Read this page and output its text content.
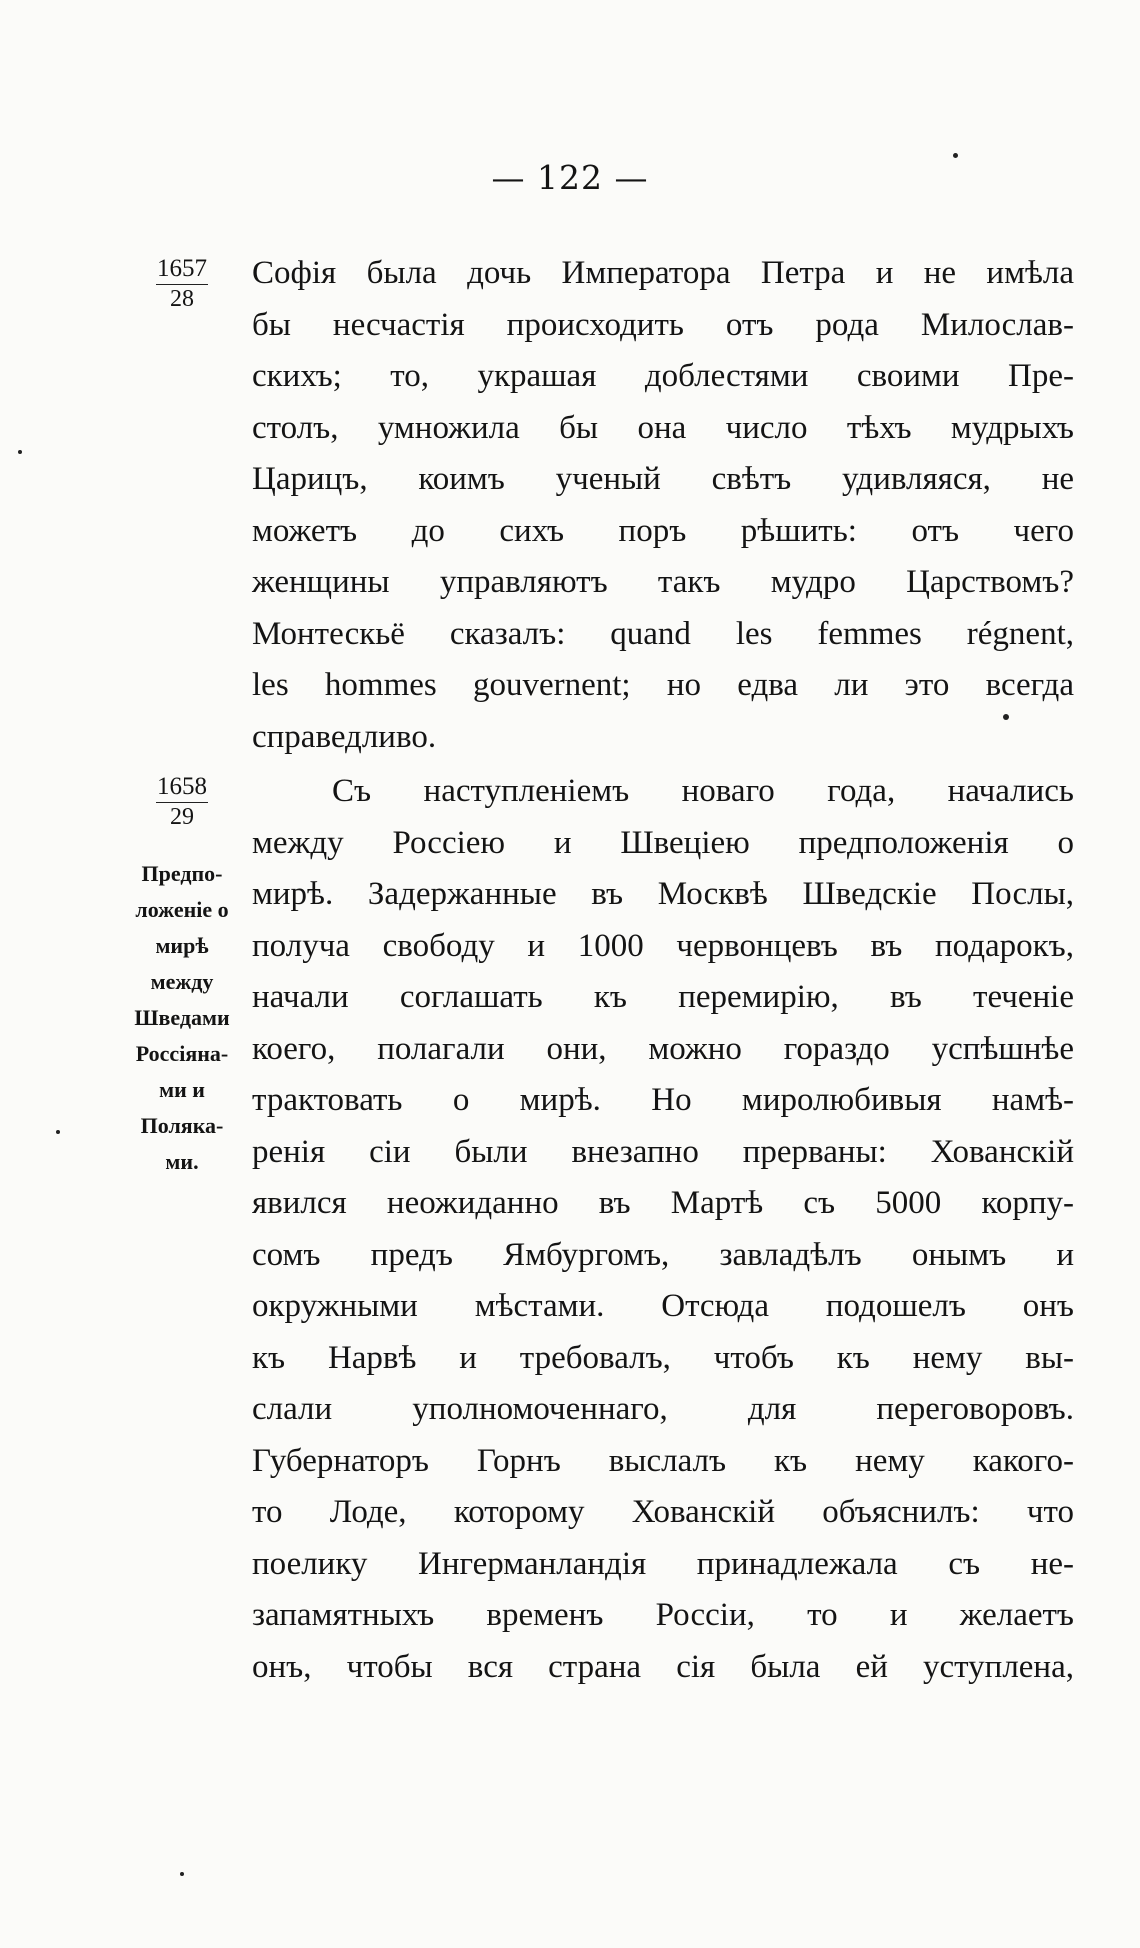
— 122 —
1657
28
1658
29
Предпо-
ложеніе о
мирѣ
между
Шведами
Россіяна-
ми и
Поляка-
ми.
Софія была дочь Императора Петра и не имѣла
бы несчастія происходить отъ рода Милослав-
скихъ; то, украшая доблестями своими Пре-
столъ, умножила бы она число тѣхъ мудрыхъ
Царицъ, коимъ ученый свѣтъ удивляяся, не
можетъ до сихъ поръ рѣшить: отъ чего
женщины управляютъ такъ мудро Царствомъ?
Монтескьё сказалъ: quand les femmes régnent,
les hommes gouvernent; но едва ли это всегда
справедливо.
Съ наступленіемъ новаго года, начались
между Россіею и Швеціею предположенія о
мирѣ. Задержанные въ Москвѣ Шведскіе Послы,
получа свободу и 1000 червонцевъ въ подарокъ,
начали соглашать къ перемирію, въ теченіе
коего, полагали они, можно гораздо успѣшнѣе
трактовать о мирѣ. Но миролюбивыя намѣ-
ренія сіи были внезапно прерваны: Хованскій
явился неожиданно въ Мартѣ съ 5000 корпу-
сомъ предъ Ямбургомъ, завладѣлъ онымъ и
окружными мѣстами. Отсюда подошелъ онъ
къ Нарвѣ и требовалъ, чтобъ къ нему вы-
слали уполномоченнаго, для переговоровъ.
Губернаторъ Горнъ выслалъ къ нему какого-
то Лоде, которому Хованскій объяснилъ: что
поелику Ингерманландія принадлежала съ не-
запамятныхъ временъ Россіи, то и желаетъ
онъ, чтобы вся страна сія была ей уступлена,
